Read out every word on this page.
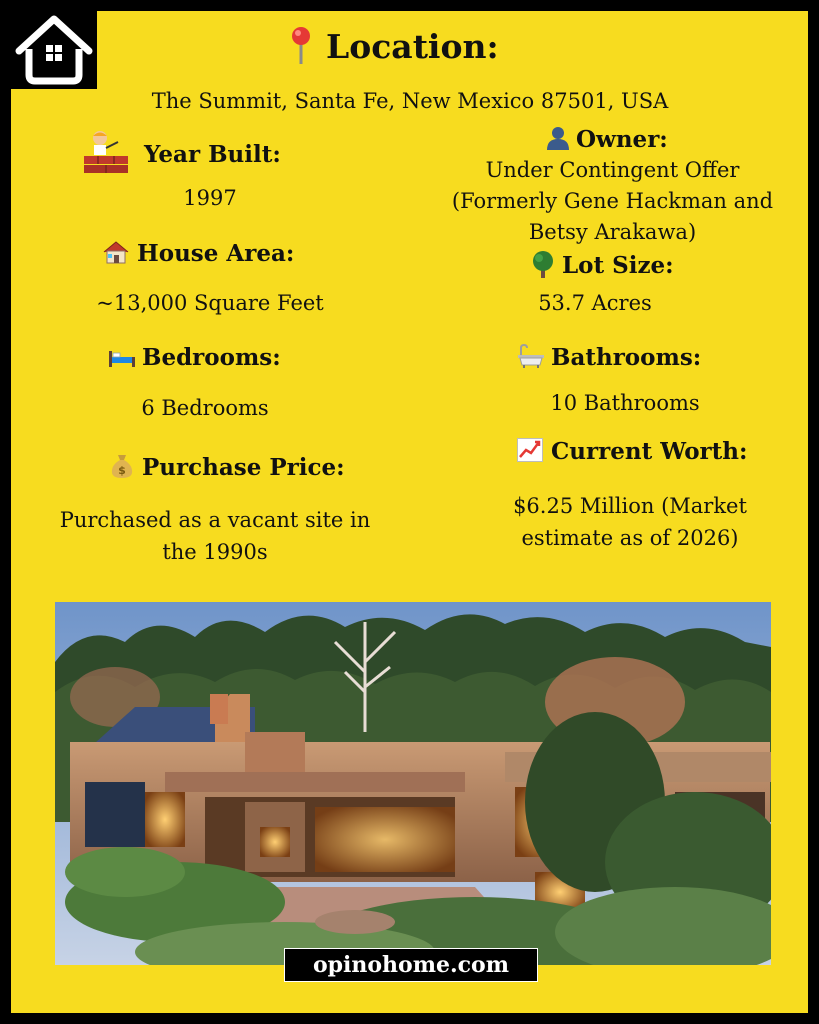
Location:
The Summit, Santa Fe, New Mexico 87501, USA
Year Built:
1997
Owner:
Under Contingent Offer
(Formerly Gene Hackman and
Betsy Arakawa)
House Area:
~13,000 Square Feet
Lot Size:
53.7 Acres
Bedrooms:
6 Bedrooms
Bathrooms:
10 Bathrooms
$ Purchase Price:
Purchased as a vacant site in
the 1990s
Current Worth:
$6.25 Million (Market
estimate as of 2026)
opinohome.com
